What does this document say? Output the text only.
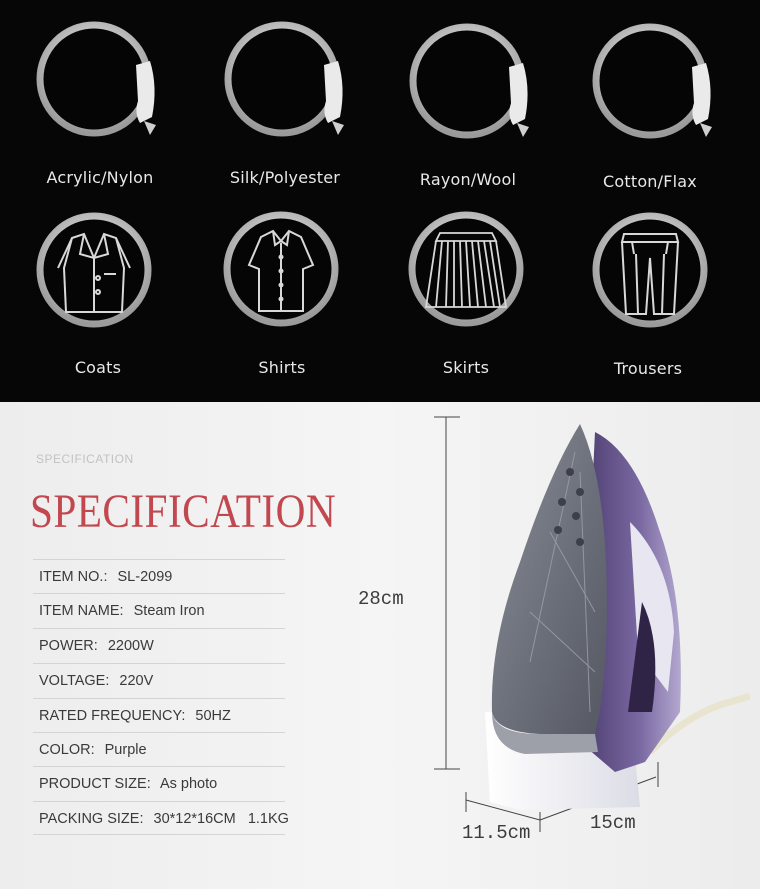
Acrylic/Nylon	Silk/Polyester	Rayon/Wool	Cotton/Flax
Coats	Shirts	Skirts	Trousers
SPECIFICATION
SPECIFICATION
ITEM NO.: SL-2099
ITEM NAME: Steam Iron
POWER: 2200W
VOLTAGE: 220V
RATED FREQUENCY: 50HZ
COLOR: Purple
PRODUCT SIZE: As photo
PACKING SIZE: 30*12*16CM   1.1KG
28cm
11.5cm	15cm
